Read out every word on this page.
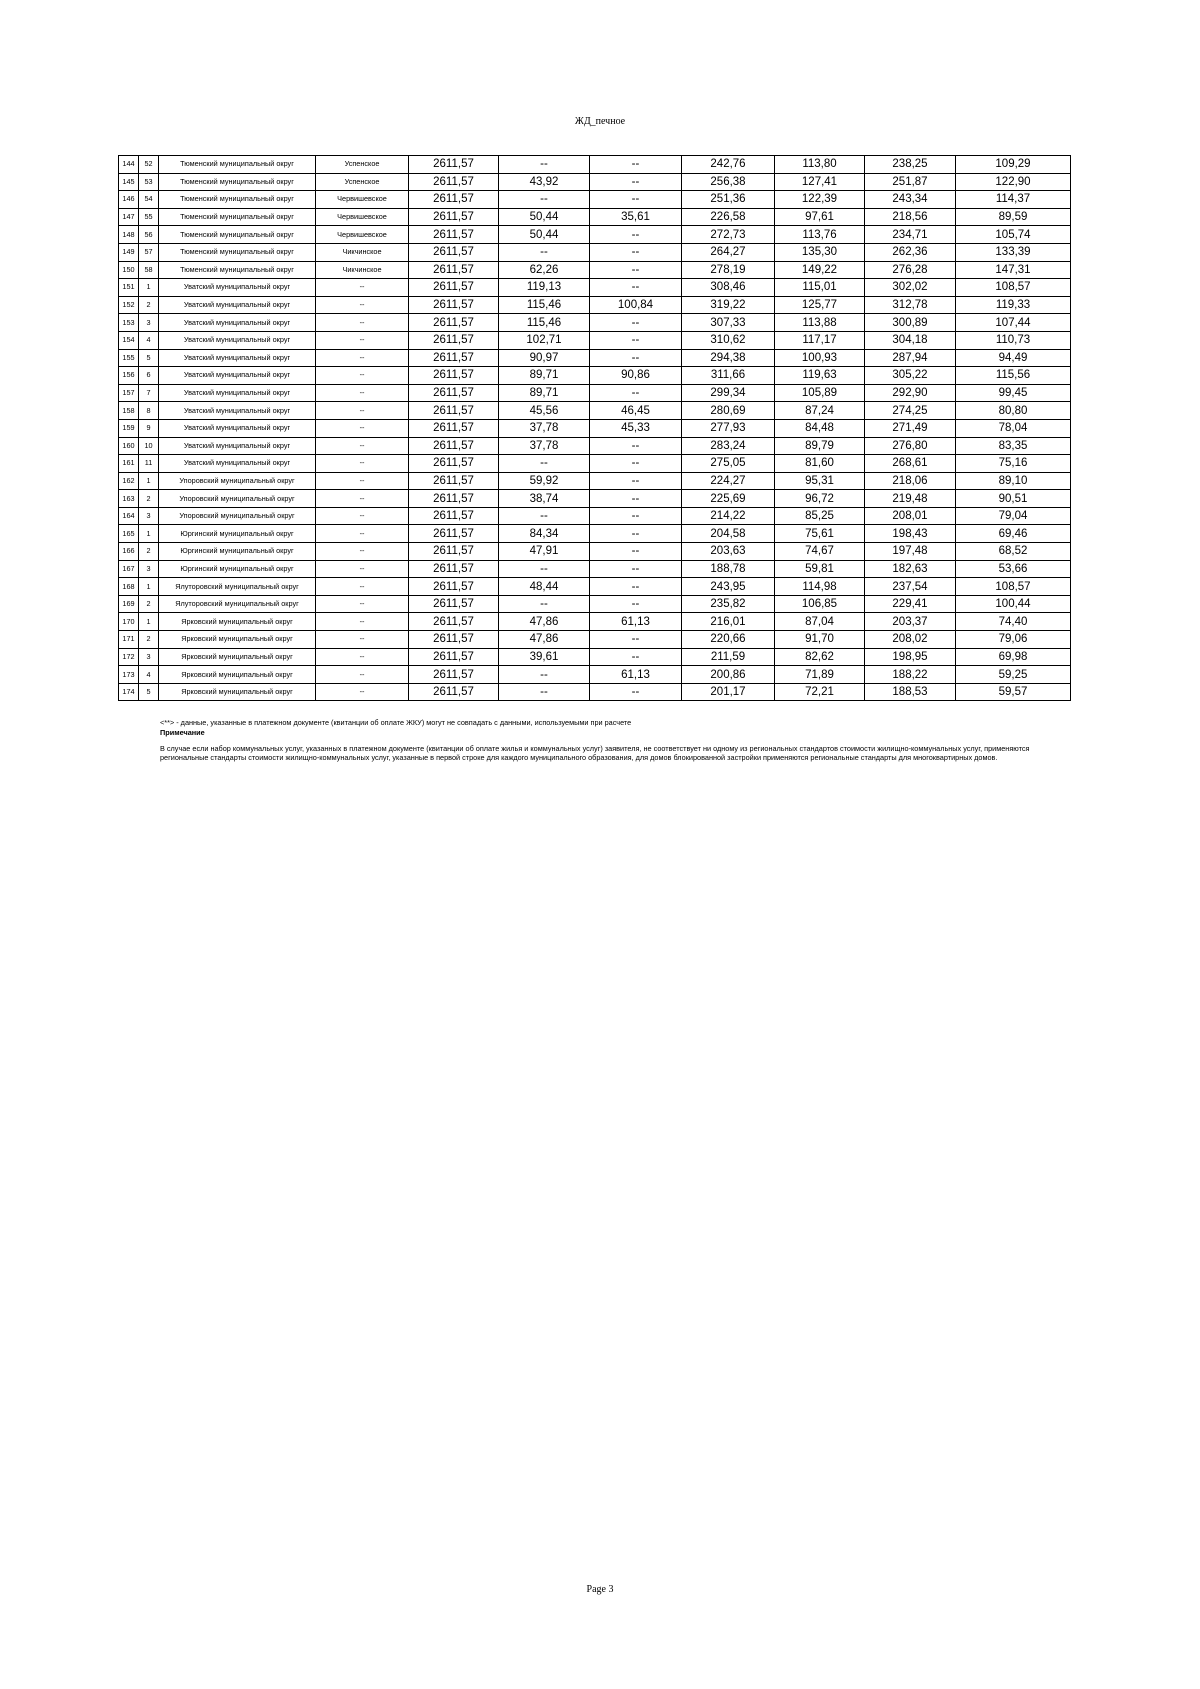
ЖД_печное
144	52	Тюменский муниципальный округ	Успенское	2611,57	--	--	242,76	113,80	238,25	109,29
145	53	Тюменский муниципальный округ	Успенское	2611,57	43,92	--	256,38	127,41	251,87	122,90
146	54	Тюменский муниципальный округ	Червишевское	2611,57	--	--	251,36	122,39	243,34	114,37
147	55	Тюменский муниципальный округ	Червишевское	2611,57	50,44	35,61	226,58	97,61	218,56	89,59
148	56	Тюменский муниципальный округ	Червишевское	2611,57	50,44	--	272,73	113,76	234,71	105,74
149	57	Тюменский муниципальный округ	Чикчинское	2611,57	--	--	264,27	135,30	262,36	133,39
150	58	Тюменский муниципальный округ	Чикчинское	2611,57	62,26	--	278,19	149,22	276,28	147,31
151	1	Уватский муниципальный округ	--	2611,57	119,13	--	308,46	115,01	302,02	108,57
152	2	Уватский муниципальный округ	--	2611,57	115,46	100,84	319,22	125,77	312,78	119,33
153	3	Уватский муниципальный округ	--	2611,57	115,46	--	307,33	113,88	300,89	107,44
154	4	Уватский муниципальный округ	--	2611,57	102,71	--	310,62	117,17	304,18	110,73
155	5	Уватский муниципальный округ	--	2611,57	90,97	--	294,38	100,93	287,94	94,49
156	6	Уватский муниципальный округ	--	2611,57	89,71	90,86	311,66	119,63	305,22	115,56
157	7	Уватский муниципальный округ	--	2611,57	89,71	--	299,34	105,89	292,90	99,45
158	8	Уватский муниципальный округ	--	2611,57	45,56	46,45	280,69	87,24	274,25	80,80
159	9	Уватский муниципальный округ	--	2611,57	37,78	45,33	277,93	84,48	271,49	78,04
160	10	Уватский муниципальный округ	--	2611,57	37,78	--	283,24	89,79	276,80	83,35
161	11	Уватский муниципальный округ	--	2611,57	--	--	275,05	81,60	268,61	75,16
162	1	Упоровский муниципальный округ	--	2611,57	59,92	--	224,27	95,31	218,06	89,10
163	2	Упоровский муниципальный округ	--	2611,57	38,74	--	225,69	96,72	219,48	90,51
164	3	Упоровский муниципальный округ	--	2611,57	--	--	214,22	85,25	208,01	79,04
165	1	Юргинский муниципальный округ	--	2611,57	84,34	--	204,58	75,61	198,43	69,46
166	2	Юргинский муниципальный округ	--	2611,57	47,91	--	203,63	74,67	197,48	68,52
167	3	Юргинский муниципальный округ	--	2611,57	--	--	188,78	59,81	182,63	53,66
168	1	Ялуторовский муниципальный округ	--	2611,57	48,44	--	243,95	114,98	237,54	108,57
169	2	Ялуторовский муниципальный округ	--	2611,57	--	--	235,82	106,85	229,41	100,44
170	1	Ярковский муниципальный округ	--	2611,57	47,86	61,13	216,01	87,04	203,37	74,40
171	2	Ярковский муниципальный округ	--	2611,57	47,86	--	220,66	91,70	208,02	79,06
172	3	Ярковский муниципальный округ	--	2611,57	39,61	--	211,59	82,62	198,95	69,98
173	4	Ярковский муниципальный округ	--	2611,57	--	61,13	200,86	71,89	188,22	59,25
174	5	Ярковский муниципальный округ	--	2611,57	--	--	201,17	72,21	188,53	59,57

<**> - данные, указанные в платежном документе (квитанции об оплате ЖКУ) могут не совпадать с данными, используемыми при расчете

Примечание

В случае если набор коммунальных услуг, указанных в платежном документе (квитанции об оплате жилья и коммунальных услуг) заявителя, не соответствует ни одному из региональных стандартов стоимости жилищно-коммунальных услуг, применяются региональные стандарты стоимости жилищно-коммунальных услуг, указанные в первой строке для каждого муниципального образования, для домов блокированной застройки применяются региональные стандарты для многоквартирных домов.

Page 3
